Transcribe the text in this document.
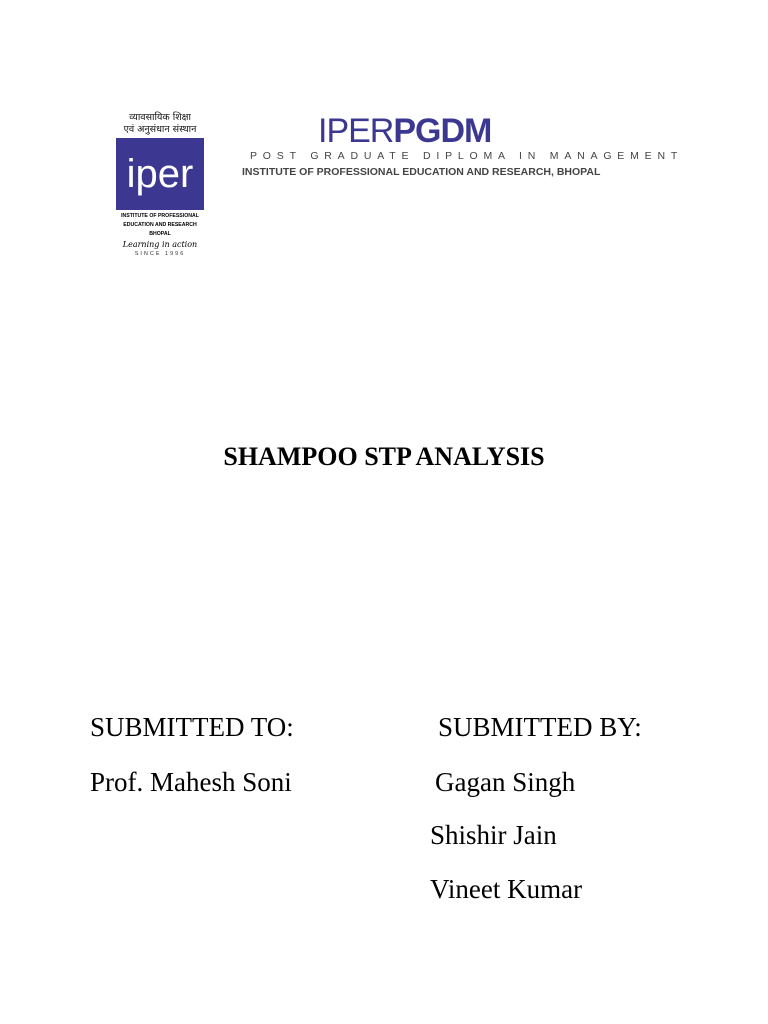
व्यावसायिक शिक्षा
एवं अनुसंधान संस्थान
iper
INSTITUTE OF PROFESSIONAL
EDUCATION AND RESEARCH
BHOPAL
Learning in action
SINCE 1996
IPERPGDM
POST GRADUATE DIPLOMA IN MANAGEMENT
INSTITUTE OF PROFESSIONAL EDUCATION AND RESEARCH, BHOPAL
SHAMPOO STP ANALYSIS
SUBMITTED TO:
Prof. Mahesh Soni
SUBMITTED BY:
Gagan Singh
Shishir Jain
Vineet Kumar
